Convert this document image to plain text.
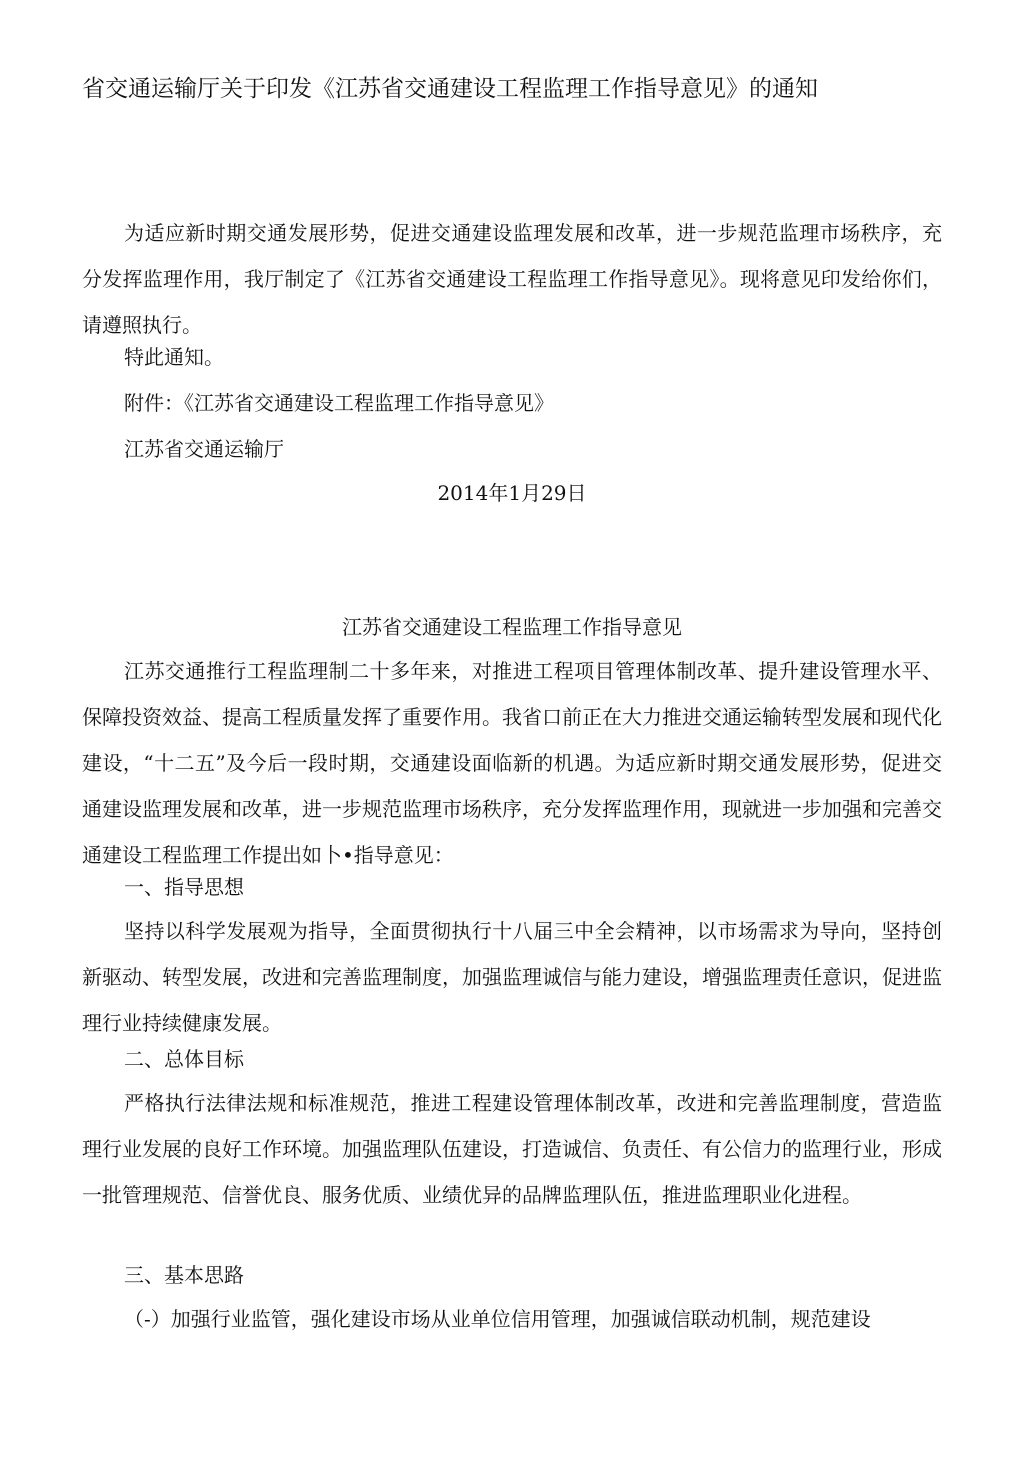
省交通运输厅关于印发《江苏省交通建设工程监理工作指导意见》的通知

为适应新时期交通发展形势，促进交通建设监理发展和改革，进一步规范监理市场秩序，充分发挥监理作用，我厅制定了《江苏省交通建设工程监理工作指导意见》。现将意见印发给你们，请遵照执行。

特此通知。

附件：《江苏省交通建设工程监理工作指导意见》

江苏省交通运输厅

2014年1月29日

江苏省交通建设工程监理工作指导意见

江苏交通推行工程监理制二十多年来，对推进工程项目管理体制改革、提升建设管理水平、保障投资效益、提高工程质量发挥了重要作用。我省口前正在大力推进交通运输转型发展和现代化建设，“十二五”及今后一段时期，交通建设面临新的机遇。为适应新时期交通发展形势，促进交通建设监理发展和改革，进一步规范监理市场秩序，充分发挥监理作用，现就进一步加强和完善交通建设工程监理工作提出如卜•指导意见：

一、指导思想

坚持以科学发展观为指导，全面贯彻执行十八届三中全会精神，以市场需求为导向，坚持创新驱动、转型发展，改进和完善监理制度，加强监理诚信与能力建设，增强监理责任意识，促进监理行业持续健康发展。

二、总体目标

严格执行法律法规和标准规范，推进工程建设管理体制改革，改进和完善监理制度，营造监理行业发展的良好工作环境。加强监理队伍建设，打造诚信、负责任、有公信力的监理行业，形成一批管理规范、信誉优良、服务优质、业绩优异的品牌监理队伍，推进监理职业化进程。

三、基本思路

（-）加强行业监管，强化建设市场从业单位信用管理，加强诚信联动机制，规范建设
